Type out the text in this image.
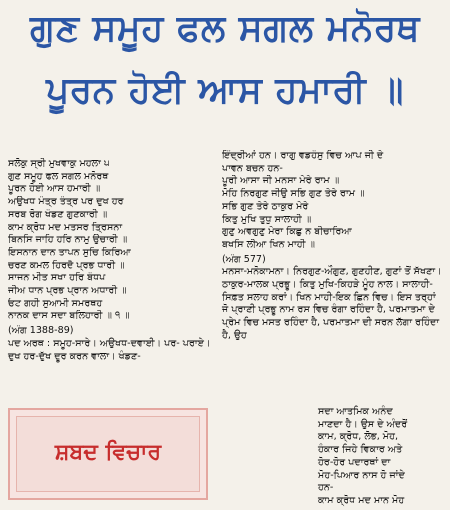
ਗੁਣ ਸਮੂਹ ਫਲ ਸਗਲ ਮਨੋਰਥ
ਪੂਰਨ ਹੋਈ ਆਸ ਹਮਾਰੀ ॥
ਸਲੋਕੁ ਸ੍ਰੀ ਮੁਖਵਾਕੁ ਮਹਲਾ ੫
ਗੁਣ ਸਮੂਹ ਫਲ ਸਗਲ ਮਨੋਰਥ
ਪੂਰਨ ਹੋਈ ਆਸ ਹਮਾਰੀ ॥
ਅਉਖਧ ਮੰਤ੍ਰ ਤੰਤ੍ਰ ਪਰ ਦੁਖ ਹਰ
ਸਰਬ ਰੋਗ ਖੰਡਣ ਗੁਣਕਾਰੀ ॥
ਕਾਮ ਕ੍ਰੋਧ ਮਦ ਮਤਸਰ ਤ੍ਰਿਸਨਾ
ਬਿਨਸਿ ਜਾਹਿ ਹਰਿ ਨਾਮੁ ਉਚਾਰੀ ॥
ਇਸਨਾਨ ਦਾਨ ਤਾਪਨ ਸੁਚਿ ਕਿਰਿਆ
ਚਰਣ ਕਮਲ ਹਿਰਦੈ ਪ੍ਰਭ ਧਾਰੀ ॥
ਸਾਜਨ ਮੀਤ ਸਖਾ ਹਰਿ ਬੰਧਪ
ਜੀਅ ਧਾਨ ਪ੍ਰਭ ਪ੍ਰਾਨ ਅਧਾਰੀ ॥
ਓਟ ਗਹੀ ਸੁਆਮੀ ਸਮਰਥਹ
ਨਾਨਕ ਦਾਸ ਸਦਾ ਬਲਿਹਾਰੀ ॥ ੧ ॥
(ਅੰਗ 1388-89)
ਪਦ ਅਰਥ : ਸਮੂਹ-ਸਾਰੇ। ਅਉਖਧ-ਦਵਾਈ। ਪਰ- ਪਰਾਏ। ਦੁਖ ਹਰ-ਦੁੱਖ ਦੂਰ ਕਰਨ ਵਾਲਾ। ਖੰਡਣ-
ਇੰਦ੍ਰੀਆਂ ਹਨ। ਰਾਗੁ ਵਡਹੰਸੁ ਵਿਚ ਆਪ ਜੀ ਦੇ
ਪਾਵਨ ਬਚਨ ਹਨ-
ਪੂਰੀ ਆਸਾ ਜੀ ਮਨਸਾ ਮੇਰੇ ਰਾਮ ॥
ਮੋਹਿ ਨਿਰਗੁਣ ਜੀਉ ਸਭਿ ਗੁਣ ਤੇਰੇ ਰਾਮ ॥
ਸਭਿ ਗੁਣ ਤੇਰੇ ਠਾਕੁਰ ਮੇਰੇ
ਕਿਤੁ ਮੁਖਿ ਤੁਧੁ ਸਾਲਾਹੀ ॥
ਗੁਣੁ ਅਵਗੁਣੁ ਮੇਰਾ ਕਿਛੁ ਨ ਬੀਚਾਰਿਆ
ਬਖਸਿ ਲੀਆ ਖਿਨ ਮਾਹੀ ॥
(ਅੰਗ 577)
ਮਨਸਾ-ਮਨੋਕਾਮਨਾ। ਨਿਰਗੁਣ-ਔਗੁਣ, ਗੁਣਹੀਣ, ਗੁਣਾਂ ਤੋਂ ਸੱਖਣਾ। ਠਾਕੁਰ-ਮਾਲਕ ਪ੍ਰਭੂ। ਕਿਤੁ ਮੁਖਿ-ਕਿਹੜੇ ਮੂੰਹ ਨਾਲ। ਸਾਲਾਹੀ-ਸਿਫ਼ਤ ਸਲਾਹ ਕਰਾਂ। ਖਿਨ ਮਾਹੀ-ਇਕ ਛਿਨ ਵਿਚ। ਇਸ ਤਰ੍ਹਾਂ ਜੋ ਪ੍ਰਾਣੀ ਪ੍ਰਭੂ ਨਾਮ ਰਸ ਵਿਚ ਰੰਗਾ ਰਹਿੰਦਾ ਹੈ, ਪਰਮਾਤਮਾ ਦੇ ਪ੍ਰੇਮ ਵਿਚ ਮਸਤ ਰਹਿੰਦਾ ਹੈ, ਪਰਮਾਤਮਾ ਦੀ ਸਰਨ ਲੱਗਾ ਰਹਿੰਦਾ ਹੈ, ਉਹ
ਸ਼ਬਦ ਵਿਚਾਰ
ਸਦਾ ਆਤਮਿਕ ਅਨੰਦ
ਮਾਣਦਾ ਹੈ। ਉਸ ਦੇ ਅੰਦਰੋਂ
ਕਾਮ, ਕ੍ਰੋਧ, ਲੋਭ, ਮੋਹ,
ਹੰਕਾਰ ਜਿਹੇ ਵਿਕਾਰ ਅਤੇ
ਹੋਰ-ਹੋਰ ਪਦਾਰਥਾਂ ਦਾ
ਮੋਹ-ਪਿਆਰ ਨਾਸ ਹੋ ਜਾਂਦੇ
ਹਨ-
ਕਾਮ ਕ੍ਰੋਧ ਮਦ ਮਾਨ ਮੋਹ
